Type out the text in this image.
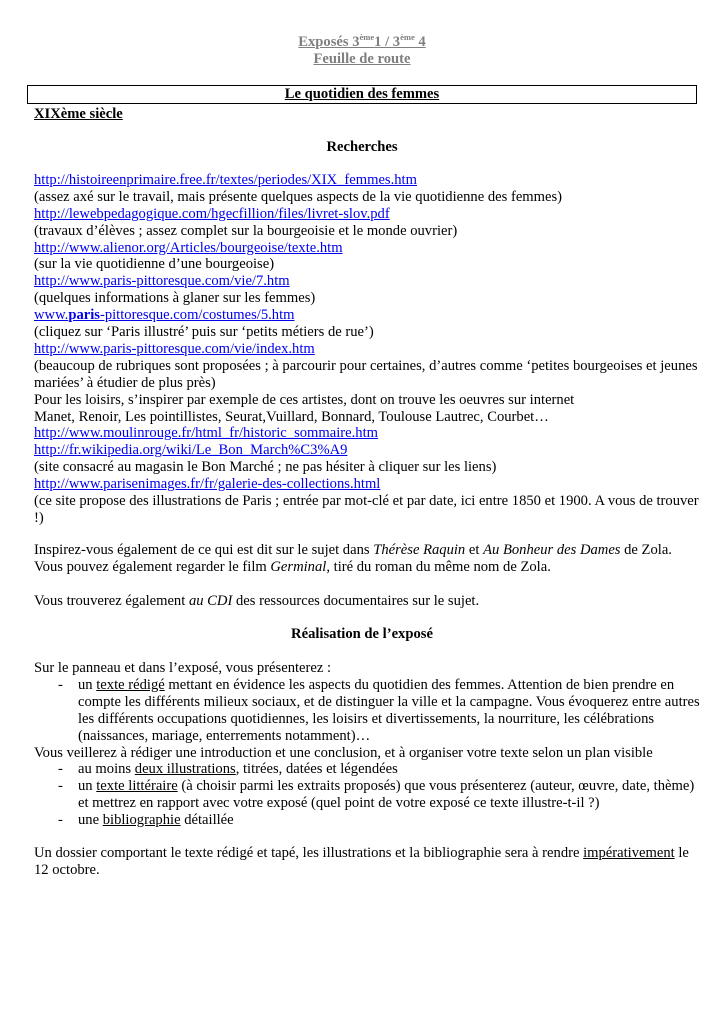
Exposés 3ème1 / 3ème 4
Feuille de route
Le quotidien des femmes
XIXème siècle
Recherches
http://histoireenprimaire.free.fr/textes/periodes/XIX_femmes.htm
(assez axé sur le travail, mais présente quelques aspects de la vie quotidienne des femmes)
http://lewebpedagogique.com/hgecfillion/files/livret-slov.pdf
(travaux d’élèves ; assez complet sur la bourgeoisie et le monde ouvrier)
http://www.alienor.org/Articles/bourgeoise/texte.htm
(sur la vie quotidienne d’une bourgeoise)
http://www.paris-pittoresque.com/vie/7.htm
(quelques informations à glaner sur les femmes)
www.paris-pittoresque.com/costumes/5.htm
(cliquez sur ‘Paris illustré’ puis sur ‘petits métiers de rue’)
http://www.paris-pittoresque.com/vie/index.htm
(beaucoup de rubriques sont proposées ; à parcourir pour certaines, d’autres comme ‘petites bourgeoises et jeunes mariées’ à étudier de plus près)
Pour les loisirs, s’inspirer par exemple de ces artistes, dont on trouve les oeuvres sur internet
Manet, Renoir, Les pointillistes, Seurat,Vuillard, Bonnard, Toulouse Lautrec, Courbet…
http://www.moulinrouge.fr/html_fr/historic_sommaire.htm
http://fr.wikipedia.org/wiki/Le_Bon_March%C3%A9
(site consacré au magasin le Bon Marché ; ne pas hésiter à cliquer sur les liens)
http://www.parisenimages.fr/fr/galerie-des-collections.html
(ce site propose des illustrations de Paris ; entrée par mot-clé et par date, ici entre 1850 et 1900. A vous de trouver !)
Inspirez-vous également de ce qui est dit sur le sujet dans Thérèse Raquin et Au Bonheur des Dames de Zola.
Vous pouvez également regarder le film Germinal, tiré du roman du même nom de Zola.
Vous trouverez également au CDI des ressources documentaires sur le sujet.
Réalisation de l’exposé
Sur le panneau et dans l’exposé, vous présenterez :
- un texte rédigé mettant en évidence les aspects du quotidien des femmes. Attention de bien prendre en compte les différents milieux sociaux, et de distinguer la ville et la campagne. Vous évoquerez entre autres les différents occupations quotidiennes, les loisirs et divertissements, la nourriture, les célébrations (naissances, mariage, enterrements notamment)…
Vous veillerez à rédiger une introduction et une conclusion, et à organiser votre texte selon un plan visible
- au moins deux illustrations, titrées, datées et légendées
- un texte littéraire (à choisir parmi les extraits proposés) que vous présenterez (auteur, œuvre, date, thème) et mettrez en rapport avec votre exposé (quel point de votre exposé ce texte illustre-t-il ?)
- une bibliographie détaillée
Un dossier comportant le texte rédigé et tapé, les illustrations et la bibliographie sera à rendre impérativement le 12 octobre.
